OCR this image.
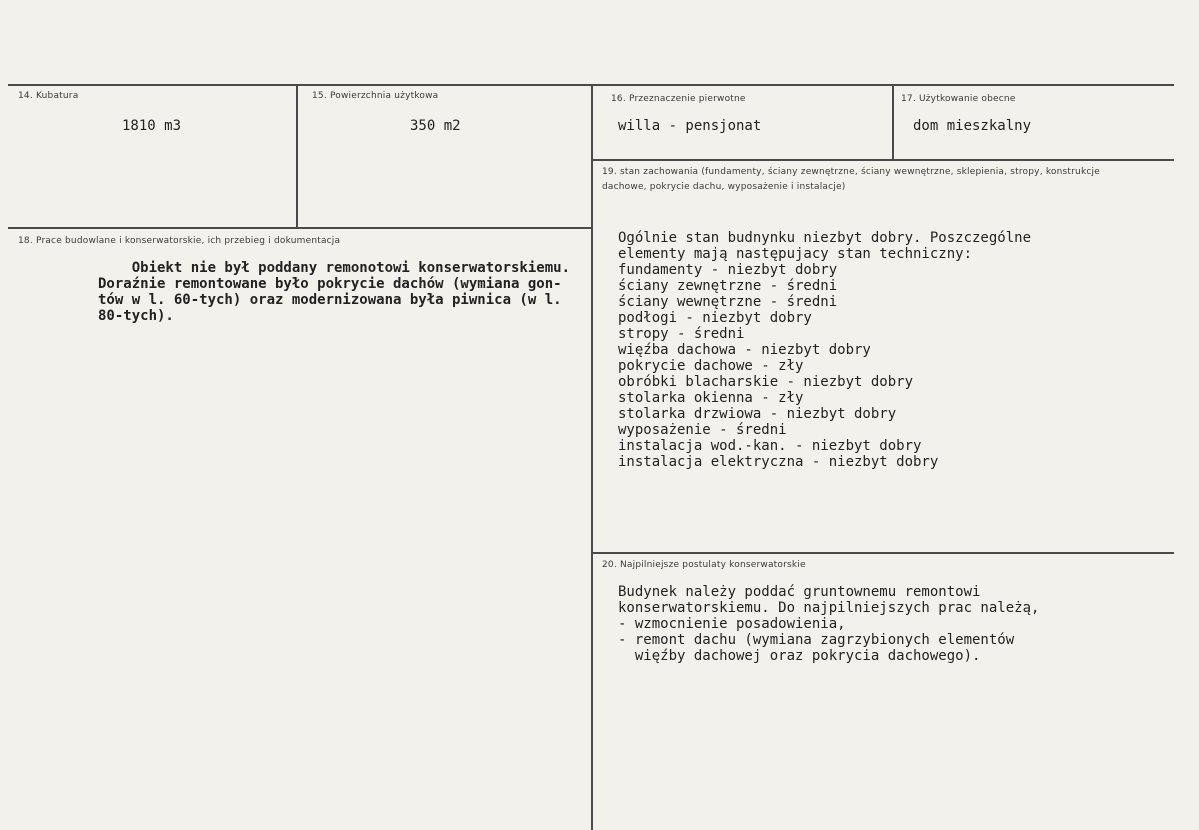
14. Kubatura
1810 m3
15. Powierzchnia użytkowa
350 m2
16. Przeznaczenie pierwotne
willa - pensjonat
17. Użytkowanie obecne
dom mieszkalny
18. Prace budowlane i konserwatorskie, ich przebieg i dokumentacja
Obiekt nie był poddany remonotowi konserwatorskiemu.
Doraźnie remontowane było pokrycie dachów (wymiana gon-
tów w l. 60-tych) oraz modernizowana była piwnica (w l.
80-tych).
19. stan zachowania (fundamenty, ściany zewnętrzne, ściany wewnętrzne, sklepienia, stropy, konstrukcje dachowe, pokrycie dachu, wyposażenie i instalacje)
Ogólnie stan budnynku niezbyt dobry. Poszczególne
elementy mają następujacy stan techniczny:
fundamenty - niezbyt dobry
ściany zewnętrzne - średni
ściany wewnętrzne - średni
podłogi - niezbyt dobry
stropy - średni
więźba dachowa - niezbyt dobry
pokrycie dachowe - zły
obróbki blacharskie - niezbyt dobry
stolarka okienna - zły
stolarka drzwiowa - niezbyt dobry
wyposażenie - średni
instalacja wod.-kan. - niezbyt dobry
instalacja elektryczna - niezbyt dobry
20. Najpilniejsze postulaty konserwatorskie
Budynek należy poddać gruntownemu remontowi
konserwatorskiemu. Do najpilniejszych prac należą,
- wzmocnienie posadowienia,
- remont dachu (wymiana zagrzybionych elementów
więźby dachowej oraz pokrycia dachowego).
